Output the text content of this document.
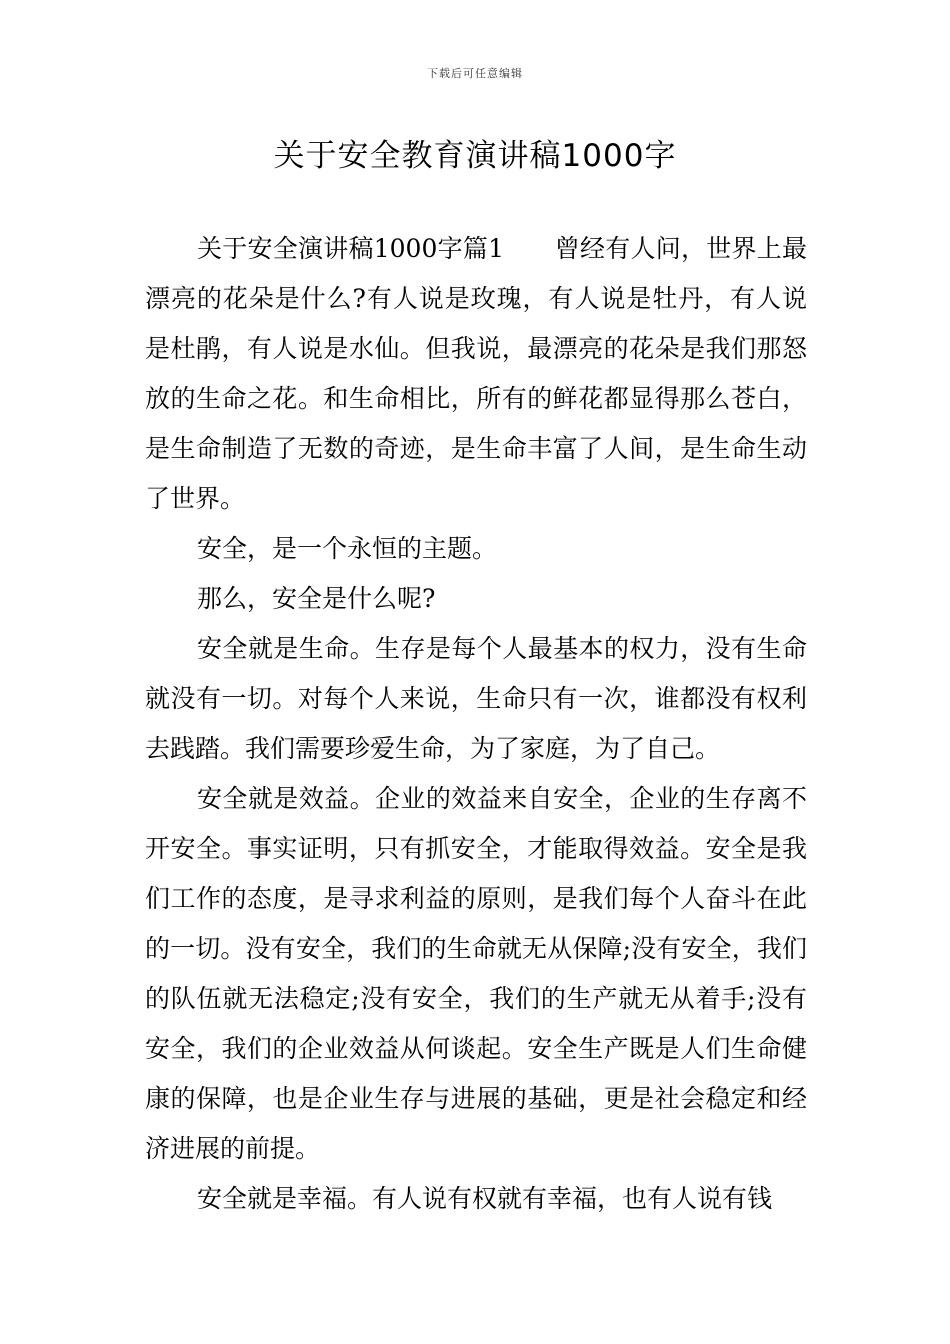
下载后可任意编辑
关于安全教育演讲稿1000字

关于安全演讲稿1000字篇1　　曾经有人问，世界上最漂亮的花朵是什么?有人说是玫瑰，有人说是牡丹，有人说是杜鹃，有人说是水仙。但我说，最漂亮的花朵是我们那怒放的生命之花。和生命相比，所有的鲜花都显得那么苍白，是生命制造了无数的奇迹，是生命丰富了人间，是生命生动了世界。

安全，是一个永恒的主题。

那么，安全是什么呢?

安全就是生命。生存是每个人最基本的权力，没有生命就没有一切。对每个人来说，生命只有一次，谁都没有权利去践踏。我们需要珍爱生命，为了家庭，为了自己。

安全就是效益。企业的效益来自安全，企业的生存离不开安全。事实证明，只有抓安全，才能取得效益。安全是我们工作的态度，是寻求利益的原则，是我们每个人奋斗在此的一切。没有安全，我们的生命就无从保障;没有安全，我们的队伍就无法稳定;没有安全，我们的生产就无从着手;没有安全，我们的企业效益从何谈起。安全生产既是人们生命健康的保障，也是企业生存与进展的基础，更是社会稳定和经济进展的前提。

安全就是幸福。有人说有权就有幸福，也有人说有钱
